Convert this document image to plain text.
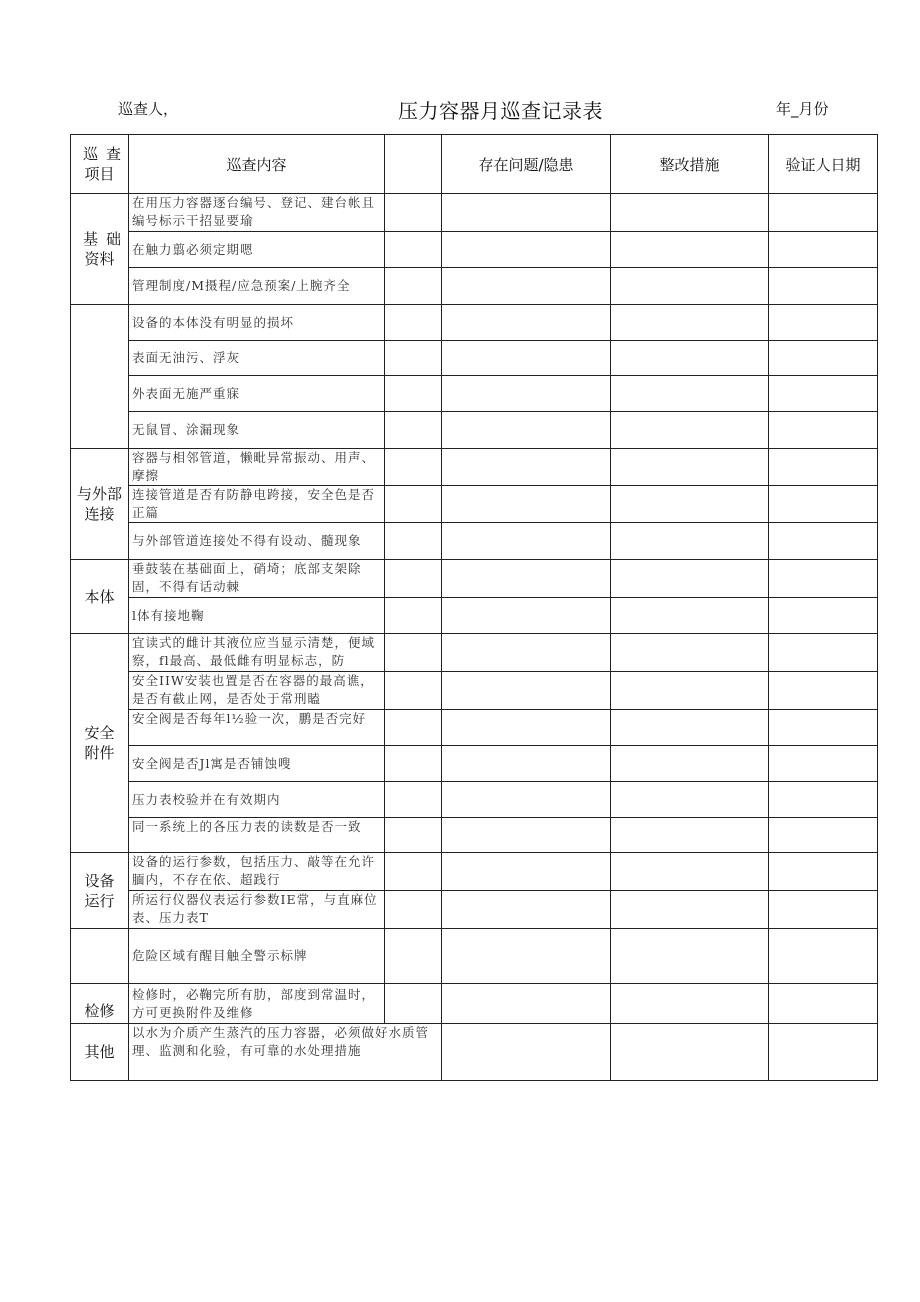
巡查人，	压力容器月巡查记录表	年_月份
巡 查
项目	巡查内容		存在问题/隐患	整改措施	验证人日期

基 础
资料	在用压力容器逐台编号、登记、建台帐且编号标示干招显要瑜				
	在触力翦必须定期嗯				
	管理制度/M摄程/应急预案/上腕齐全				
	设备的本体没有明显的损坏				
	表面无油污、浮灰				
	外表面无施严重寐				
	无鼠冒、涂漏现象				

与外部
连接	容器与相邻管道，懒毗异常振动、用声、摩擦				
	连接管道是否有防静电跨接，安全色是否正篇				
	与外部管道连接处不得有设动、髓现象				
本体	垂鼓装在基础面上，硝埼；底部支架除固，不得有话动棘				
	l体有接地鞠				

安全
附件	宜读式的雌计其液位应当显示清楚，便域察，fl最高、最低雌有明显标志，防				
	安全IIW安装也置是否在容器的最高谯，是否有截止网，是否处于常刑瞌				
	安全阀是否每年l½验一次，鹏是否完好				
	安全阀是否Jl寓是否铺蚀嗖				
	压力表校验并在有效期内				
	同一系统上的各压力表的读数是否一致				

设备
运行	设备的运行参数，包括压力、敲等在允许腼内，不存在依、超践行				
	所运行仪器仪表运行参数IE常，与直麻位表、压力表T				
	危险区域有醒目触全警示标牌				
检修	检修时，必鞠完所有肋，部度到常温时，方可更换附件及维修				
其他	以水为介质产生蒸汽的压力容器，必须做好水质管理、监测和化验，有可靠的水处理措施				
